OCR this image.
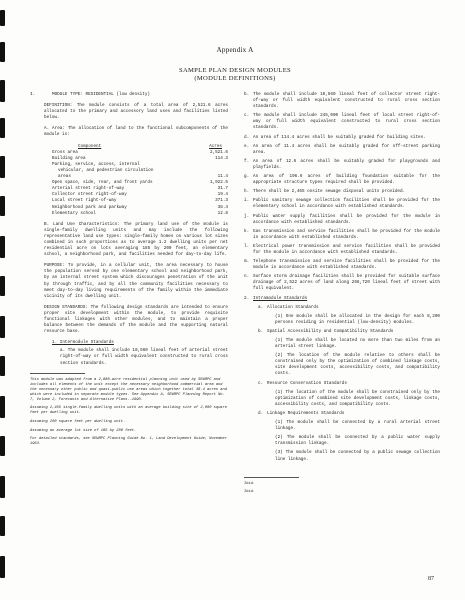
Appendix A
SAMPLE PLAN DESIGN MODULES
(MODULE DEFINITIONS)
I.	MODULE TYPE: RESIDENTIAL (low density)

DEFINITION: The module consists of a total area of 2,521.6 acres allocated to the primary and accessory land uses and facilities listed below.

A. Area: The allocation of land to the functional subcomponents of the module is:

Component	Acres
Gross area	2,521.6
Building area	114.3
Parking, service, access, internal
vehicular, and pedestrian circulation
areas	11.4
Open space, side, rear, and front yards	1,922.5
Arterial street right-of-way	31.7
Collector street right-of-way	19.4
Local street right-of-way	371.3
Neighborhood park and parkway	38.4
Elementary school	12.8

B. Land Use Characteristics: The primary land use of the module is single-family dwelling units and may include the following representative land use types: single-family homes on various lot sizes combined in such proportions as to average 1.2 dwelling units per net residential acre on lots averaging 185 by 200 feet, an elementary school, a neighborhood park, and facilities needed for day-to-day life.

PURPOSE: To provide, in a cellular unit, the area necessary to house the population served by one elementary school and neighborhood park, by an internal street system which discourages penetration of the unit by through traffic, and by all the community facilities necessary to meet day-to-day living requirements of the family within the immediate vicinity of its dwelling unit.

DESIGN STANDARDS: The following design standards are intended to ensure proper site development within the module, to provide requisite functional linkages with other modules, and to maintain a proper balance between the demands of the module and the supporting natural resource base.

1. Intermodule Standards

a. The module shall include 10,560 lineal feet of arterial street right-of-way or full width equivalent constructed to rural cross section standards.

This module was adapted from a 2,880-acre residential planning unit used by SEWRPC and includes all elements of the unit except the necessary neighborhood commercial area and the necessary other public and quasi-public use areas which together total 38.4 acres and which were included in separate module types. See Appendix A, SEWRPC Planning Report No. 7, Volume 2, Forecasts and Alternative Plans--1990.

Assuming 2,465 single-family dwelling units with an average building site of 2,000 square feet per dwelling unit.

Assuming 200 square feet per dwelling unit.

Assuming an average lot size of 185 by 200 feet.

For detailed standards, see SEWRPC Planning Guide No. 1, Land Development Guide, November 1963.

b. The module shall include 10,560 lineal feet of collector street right-of-way or full width equivalent constructed to rural cross section standards.
c. The module shall include 245,000 lineal feet of local street right-of-way or full width equivalent constructed to rural cross section standards.
d. An area of 114.4 acres shall be suitably graded for building sites.
e. An area of 11.4 acres shall be suitably graded for off-street parking area.
f. An area of 12.6 acres shall be suitably graded for playgrounds and playfields.
g. An area of 196.6 acres of building foundation suitable for the appropriate structure types required shall be provided.
h. There shall be 2,465 onsite sewage disposal units provided.
i. Public sanitary sewage collection facilities shall be provided for the elementary school in accordance with established standards.
j. Public water supply facilities shall be provided for the module in accordance with established standards.
k. Gas transmission and service facilities shall be provided for the module in accordance with established standards.
l. Electrical power transmission and service facilities shall be provided for the module in accordance with established standards.
m. Telephone transmission and service facilities shall be provided for the module in accordance with established standards.
n. Surface storm drainage facilities shall be provided for suitable surface drainage of 2,522 acres of land along 266,720 lineal feet of street with full equivalent.
2. Intramodule Standards
a. Allocation Standards
(1) One module shall be allocated in the design for each 8,200 persons residing in residential (low-density) modules.
b. Spatial Accessibility and Compatibility Standards
(1) The module shall be located no more than two miles from an arterial street linkage.
(2) The location of the module relative to others shall be constrained only by the optimization of combined linkage costs, site development costs, accessibility costs, and compatibility costs.
c. Resource Conservation Standards
(1) The location of the module shall be constrained only by the optimization of combined site development costs, linkage costs, accessibility costs, and compatibility costs.
d. Linkage Requirements Standards
(1) The module shall be connected by a rural arterial street linkage.
(2) The module shall be connected by a public water supply transmission linkage.
(3) The module shall be connected by a public sewage collection line linkage.

Ibid.

Ibid.

87
